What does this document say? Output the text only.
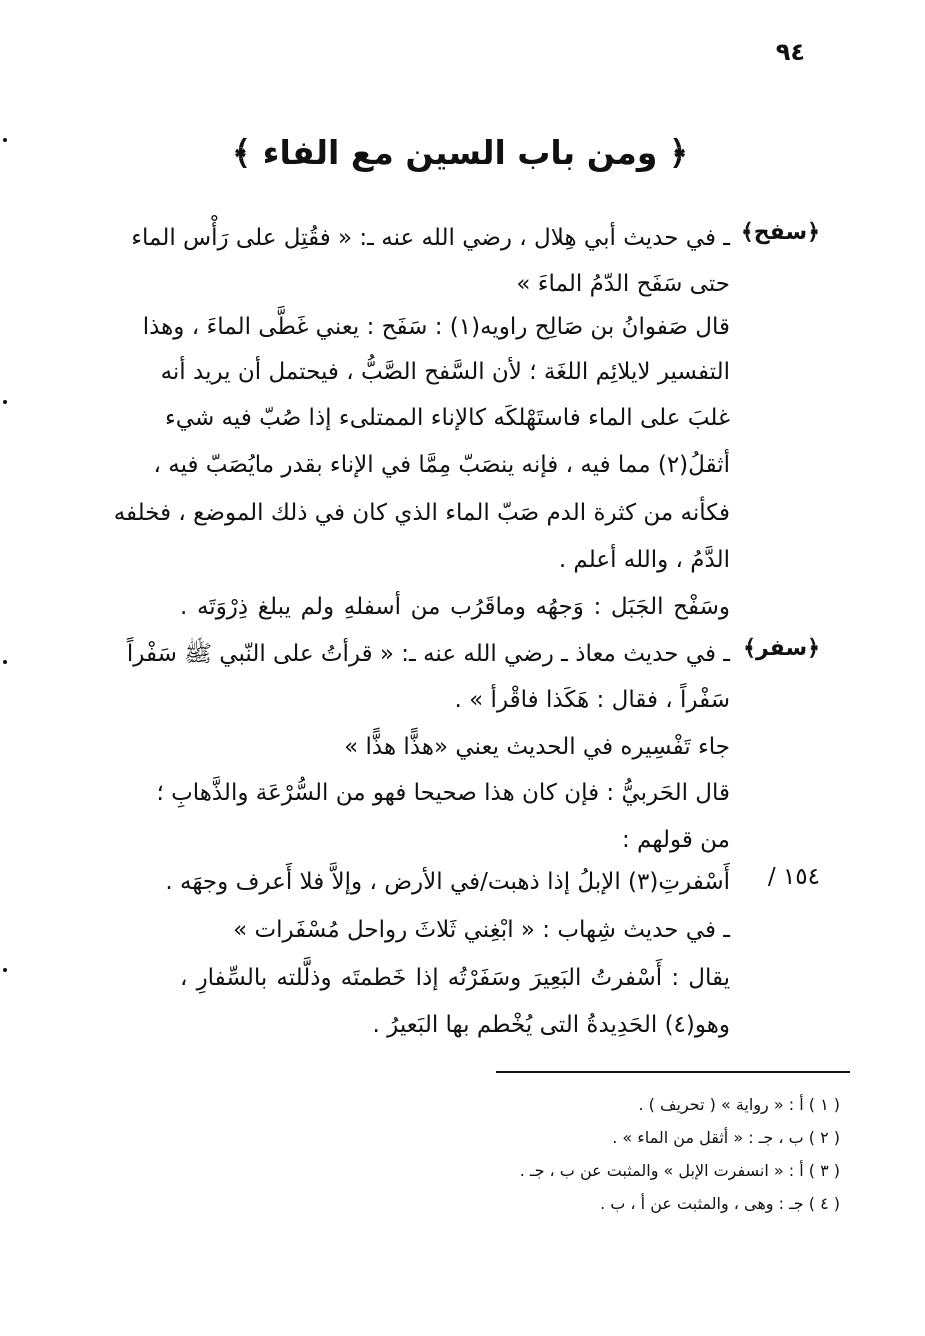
٩٤
﴿ ومن باب السين مع الفاء ﴾
﴿سفح﴾
﴿سفر﴾
١٥٤ /
ـ في حديث أبي هِلال ، رضي الله عنه ـ: « فقُتِل على رَأْس الماء
حتى سَفَح الدّمُ الماءَ »
قال صَفوانُ بن صَالِح راويه(١) : سَفَح : يعني غَطَّى الماءَ ، وهذا
التفسير لايلائِم اللغَة ؛ لأن السَّفح الصَّبُّ ، فيحتمل أن يريد أنه
غلبَ على الماء فاستَهْلكَه كالإناء الممتلىء إذا صُبّ فيه شيء
أثقلُ(٢) مما فيه ، فإنه ينصَبّ مِمَّا في الإناء بقدر مايُصَبّ فيه ،
فكأنه من كثرة الدم صَبّ الماء الذي كان في ذلك الموضع ، فخلفه
الدَّمُ ، والله أعلم .
وسَفْح الجَبَل : وَجهُه وماقَرُب من أسفلهِ ولم يبلغ ذِرْوَتَه .
ـ في حديث معاذ ـ رضي الله عنه ـ: « قرأتُ على النّبي ﷺ سَفْراً
سَفْراً ، فقال : هَكَذا فاقْرأ » .
جاء تَفْسِيره في الحديث يعني «هذًّا هذًّا »
قال الحَربيُّ : فإن كان هذا صحيحا فهو من السُّرْعَة والذَّهابِ ؛
من قولهم :
أَسْفرتِ(٣) الإبلُ إذا ذهبت/في الأرض ، وإلاَّ فلا أَعرف وجهَه .
ـ في حديث شِهاب : « ابْغِني ثَلاثَ رواحل مُسْفَرات »
يقال : أَسْفرتُ البَعِيرَ وسَفَرْتُه إذا خَطمتَه وذلَّلته بالسِّفارِ ،
وهو(٤) الحَدِيدةُ التى يُخْطم بها البَعيرُ .
( ١ ) أ : « رواية » ( تحريف ) .
( ٢ ) ب ، جـ : « أثقل من الماء » .
( ٣ ) أ : « انسفرت الإبل » والمثبت عن ب ، جـ .
( ٤ ) جـ : وهى ، والمثبت عن أ ، ب .
